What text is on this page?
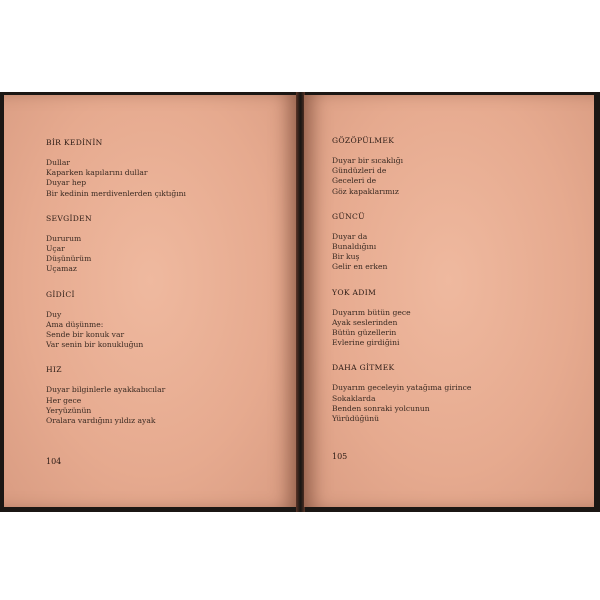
BİR KEDİNİN
Dullar
Kaparken kapılarını dullar
Duyar hep
Bir kedinin merdivenlerden çıktığını
SEVGİDEN
Dururum
Uçar
Düşünürüm
Uçamaz
GİDİCİ
Duy
Ama düşünme:
Sende bir konuk var
Var senin bir konukluğun
HIZ
Duyar bilginlerle ayakkabıcılar
Her gece
Yeryüzünün
Oralara vardığını yıldız ayak
104
GÖZÖPÜLMEK
Duyar bir sıcaklığı
Gündüzleri de
Geceleri de
Göz kapaklarımız
GÜNCÜ
Duyar da
Bunaldığını
Bir kuş
Gelir en erken
YOK ADIM
Duyarım bütün gece
Ayak seslerinden
Bütün güzellerin
Evlerine girdiğini
DAHA GİTMEK
Duyarım geceleyin yatağıma girince
Sokaklarda
Benden sonraki yolcunun
Yürüdüğünü
105
